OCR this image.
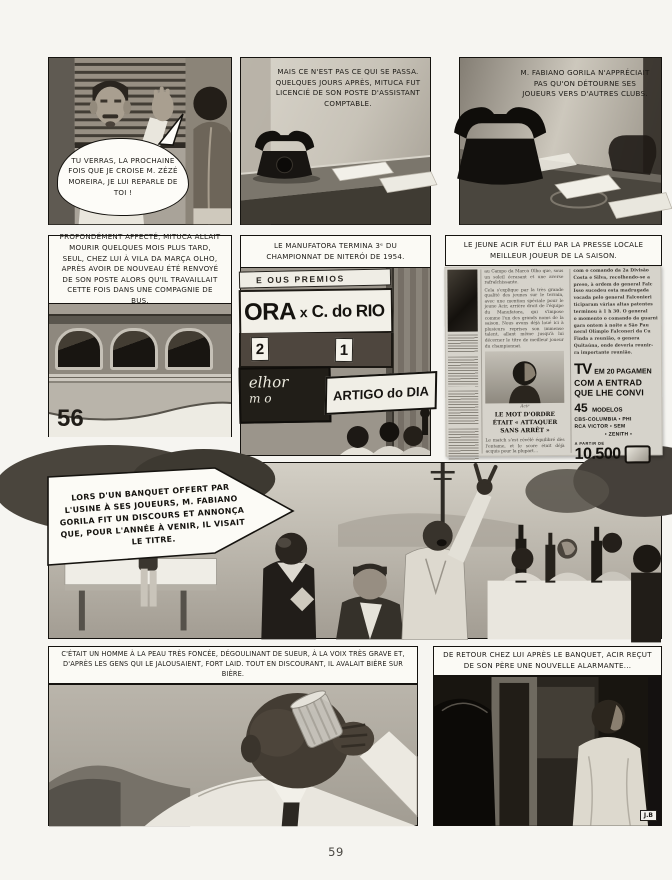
TU VERRAS, LA PROCHAINE FOIS QUE JE CROISE M. ZÉZÉ MOREIRA, JE LUI REPARLE DE TOI !
MAIS CE N'EST PAS CE QUI SE PASSA. QUELQUES JOURS APRÈS, MITUCA FUT LICENCIÉ DE SON POSTE D'ASSISTANT COMPTABLE.
M. FABIANO GORILA N'APPRÉCIAIT PAS QU'ON DÉTOURNE SES JOUEURS VERS D'AUTRES CLUBS.
PROFONDÉMENT AFFECTÉ, MITUCA ALLAIT MOURIR QUELQUES MOIS PLUS TARD, SEUL, CHEZ LUI À VILA DA MARÇA OLHO, APRÈS AVOIR DE NOUVEAU ÉTÉ RENVOYÉ DE SON POSTE ALORS QU'IL TRAVAILLAIT CETTE FOIS DANS UNE COMPAGNIE DE BUS.
56
LE MANUFATORA TERMINA 3ᵉ DU CHAMPIONNAT DE NITERÓI DE 1954.
E OUS PREMIOS
ORA x C. do RIO
2	1
elhor
m o	ARTIGO do DIA
LE JEUNE ACIR FUT ÉLU PAR LA PRESSE LOCALE MEILLEUR JOUEUR DE LA SAISON.

au Campo da Marca Olho que, sous un soleil écrasant et une averse rafraîchissante.

Cela s'explique par la très grande qualité des jeunes sur le terrain, avec une mention spéciale pour le jeune Acir, arrière droit de l'équipe du Manufatora, qui s'impose comme l'un des grands noms de la saison. Nous avons déjà loué ici à plusieurs reprises son immense talent, allant même jusqu'à lui décerner le titre de meilleur joueur du championnat.

Acir
LE MOT D'ORDRE ÉTAIT « ATTAQUER SANS ARRÊT »

Le match s'est révélé équilibré dès l'entame, et le score était déjà acquis pour la plupart…

com o comando da 2a Divisão
Costa e Silva, recolhendo-se a
preso, à ordem do general Falc
Isso sucedeu esta madrugada
vocada pelo general Falconieri
ticiparam várias altas patentes
terminou à 1 h 30. O general
o momento o comando da guarni
gara ontem à noite a São Pau
neral Olímpio Falconeri da Cu
Finda a reunião, o genera
Quitaúna, onde deveria reunir-
ra importante reunião.
TV EM 20 PAGAMEN
COM A ENTRAD
QUE LHE CONVI
45 MODELOS
CBS-COLUMBIA • PHI
RCA VICTOR • SEM
• ZENITH •
A PARTIR DE
10.500
LORS D'UN BANQUET OFFERT PAR L'USINE À SES JOUEURS, M. FABIANO GORILA FIT UN DISCOURS ET ANNONÇA QUE, POUR L'ANNÉE À VENIR, IL VISAIT LE TITRE.
C'ÉTAIT UN HOMME À LA PEAU TRÈS FONCÉE, DÉGOULINANT DE SUEUR, À LA VOIX TRÈS GRAVE ET, D'APRÈS LES GENS QUI LE JALOUSAIENT, FORT LAID. TOUT EN DISCOURANT, IL AVALAIT BIÈRE SUR BIÈRE.
DE RETOUR CHEZ LUI APRÈS LE BANQUET, ACIR REÇUT DE SON PÈRE UNE NOUVELLE ALARMANTE...
J.B
59
